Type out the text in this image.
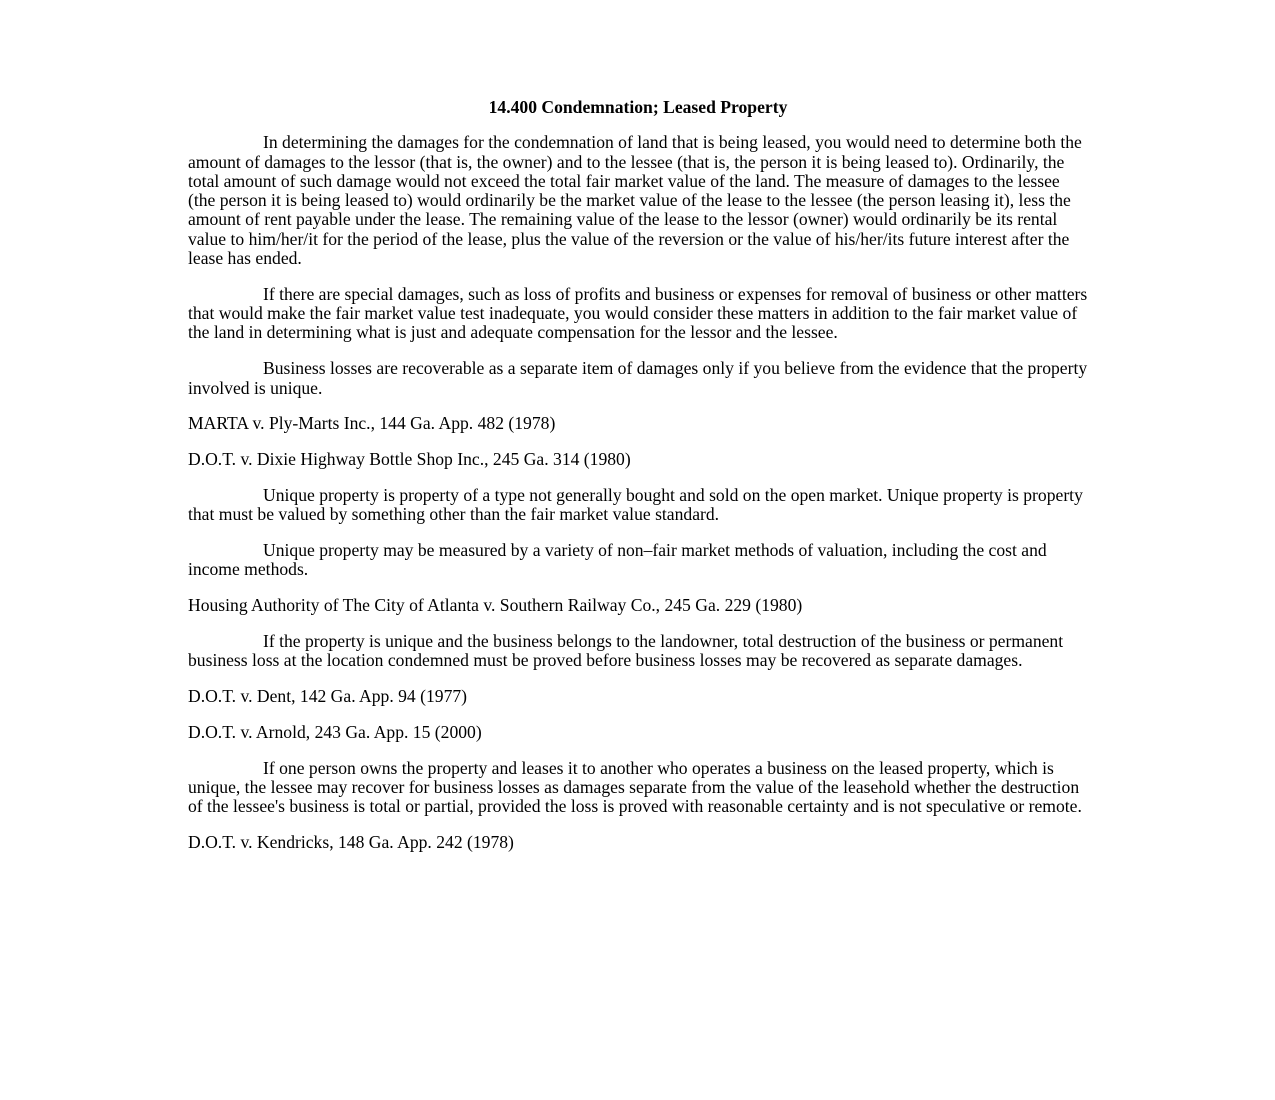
14.400 Condemnation; Leased Property

In determining the damages for the condemnation of land that is being leased, you would need to determine both the amount of damages to the lessor (that is, the owner) and to the lessee (that is, the person it is being leased to). Ordinarily, the total amount of such damage would not exceed the total fair market value of the land. The measure of damages to the lessee (the person it is being leased to) would ordinarily be the market value of the lease to the lessee (the person leasing it), less the amount of rent payable under the lease. The remaining value of the lease to the lessor (owner) would ordinarily be its rental value to him/her/it for the period of the lease, plus the value of the reversion or the value of his/her/its future interest after the lease has ended.

If there are special damages, such as loss of profits and business or expenses for removal of business or other matters that would make the fair market value test inadequate, you would consider these matters in addition to the fair market value of the land in determining what is just and adequate compensation for the lessor and the lessee.

Business losses are recoverable as a separate item of damages only if you believe from the evidence that the property involved is unique.

MARTA v. Ply-Marts Inc., 144 Ga. App. 482 (1978)

D.O.T. v. Dixie Highway Bottle Shop Inc., 245 Ga. 314 (1980)

Unique property is property of a type not generally bought and sold on the open market. Unique property is property that must be valued by something other than the fair market value standard.

Unique property may be measured by a variety of non–fair market methods of valuation, including the cost and income methods.

Housing Authority of The City of Atlanta v. Southern Railway Co., 245 Ga. 229 (1980)

If the property is unique and the business belongs to the landowner, total destruction of the business or permanent business loss at the location condemned must be proved before business losses may be recovered as separate damages.

D.O.T. v. Dent, 142 Ga. App. 94 (1977)

D.O.T. v. Arnold, 243 Ga. App. 15 (2000)

If one person owns the property and leases it to another who operates a business on the leased property, which is unique, the lessee may recover for business losses as damages separate from the value of the leasehold whether the destruction of the lessee's business is total or partial, provided the loss is proved with reasonable certainty and is not speculative or remote.

D.O.T. v. Kendricks, 148 Ga. App. 242 (1978)
